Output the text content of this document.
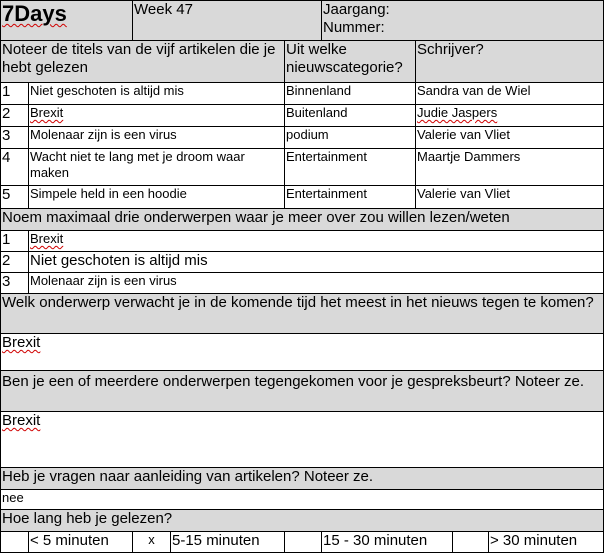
7Days	Week 47	Jaargang:
Nummer:
Noteer de titels van de vijf artikelen die je hebt gelezen		Uit welke nieuwscategorie?	Schrijver?
1	Niet geschoten is altijd mis	Binnenland	Sandra van de Wiel
2	Brexit	Buitenland	Judie Jaspers
3	Molenaar zijn is een virus	podium	Valerie van Vliet
4	Wacht niet te lang met je droom waar maken	Entertainment	Maartje Dammers
5	Simpele held in een hoodie	Entertainment	Valerie van Vliet
Noem maximaal drie onderwerpen waar je meer over zou willen lezen/weten	
1	Brexit
2	Niet geschoten is altijd mis
3	Molenaar zijn is een virus
Welk onderwerp verwacht je in de komende tijd het meest in het nieuws tegen te komen?
Brexit
Ben je een of meerdere onderwerpen tegengekomen voor je gespreksbeurt? Noteer ze.
Brexit
Heb je vragen naar aanleiding van artikelen? Noteer ze.
nee
Hoe lang heb je gelezen?
	< 5 minuten	x	5-15 minuten		15 - 30 minuten		> 30 minuten
